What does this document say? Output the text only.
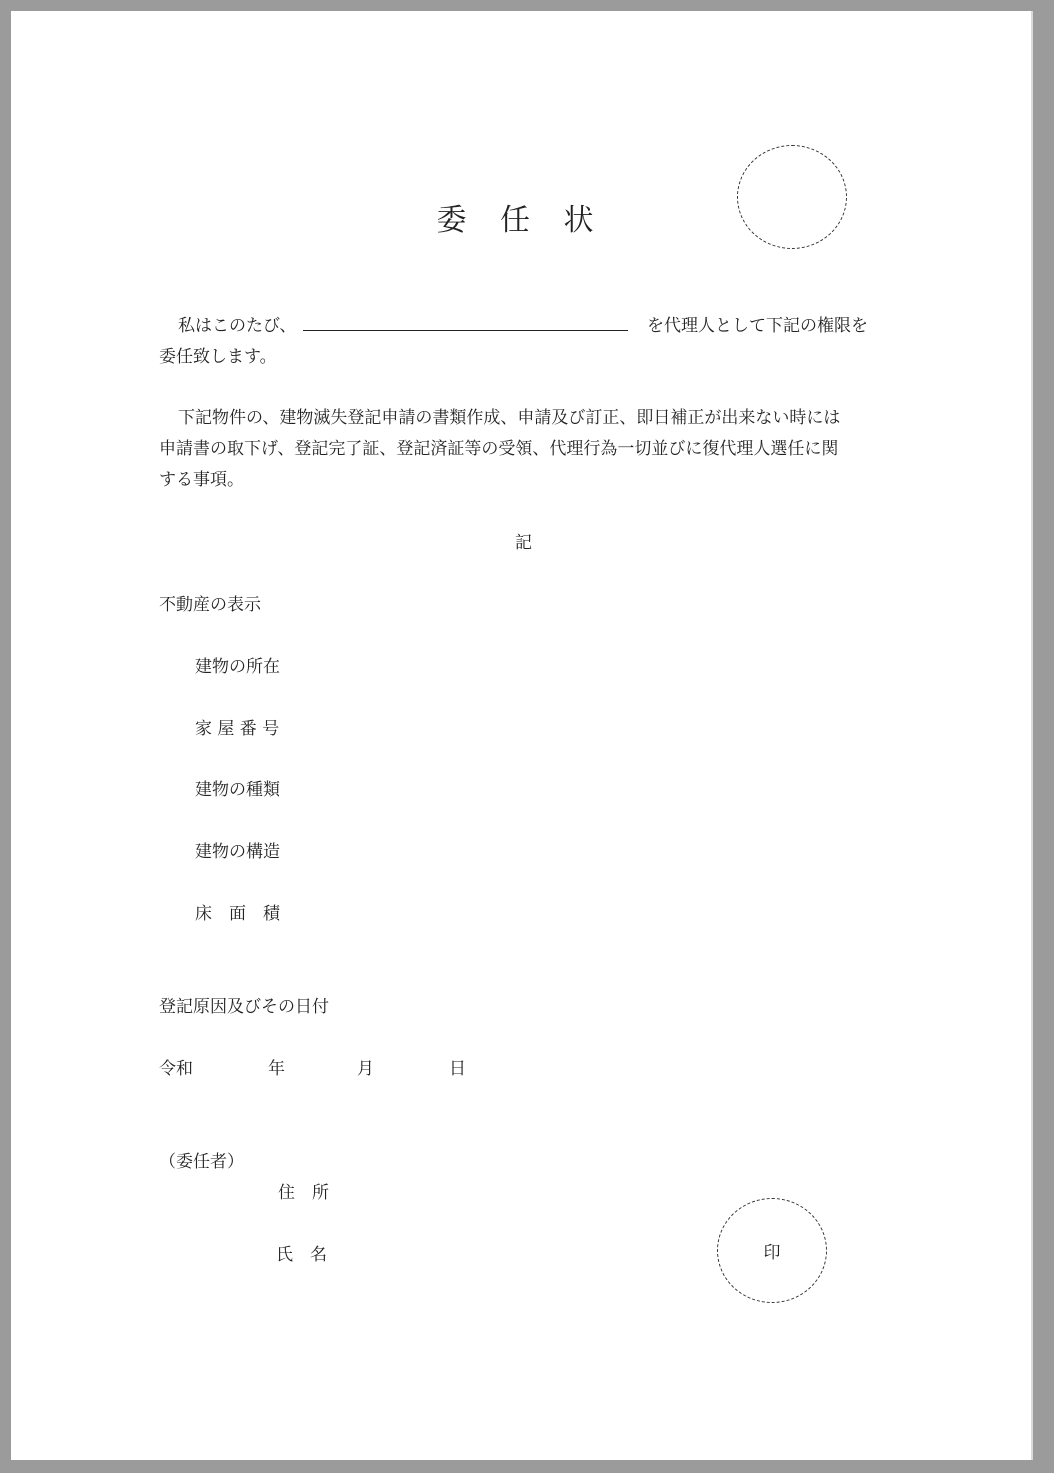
委 任 状
私はこのたび、	を代理人として下記の権限を
委任致します。
下記物件の、建物滅失登記申請の書類作成、申請及び訂正、即日補正が出来ない時には
申請書の取下げ、登記完了証、登記済証等の受領、代理行為一切並びに復代理人選任に関
する事項。
記
不動産の表示
建物の所在
家 屋 番 号
建物の種類
建物の構造
床　面　積
登記原因及びその日付
令和	年	月	日
（委任者）
住　所
氏　名	印
